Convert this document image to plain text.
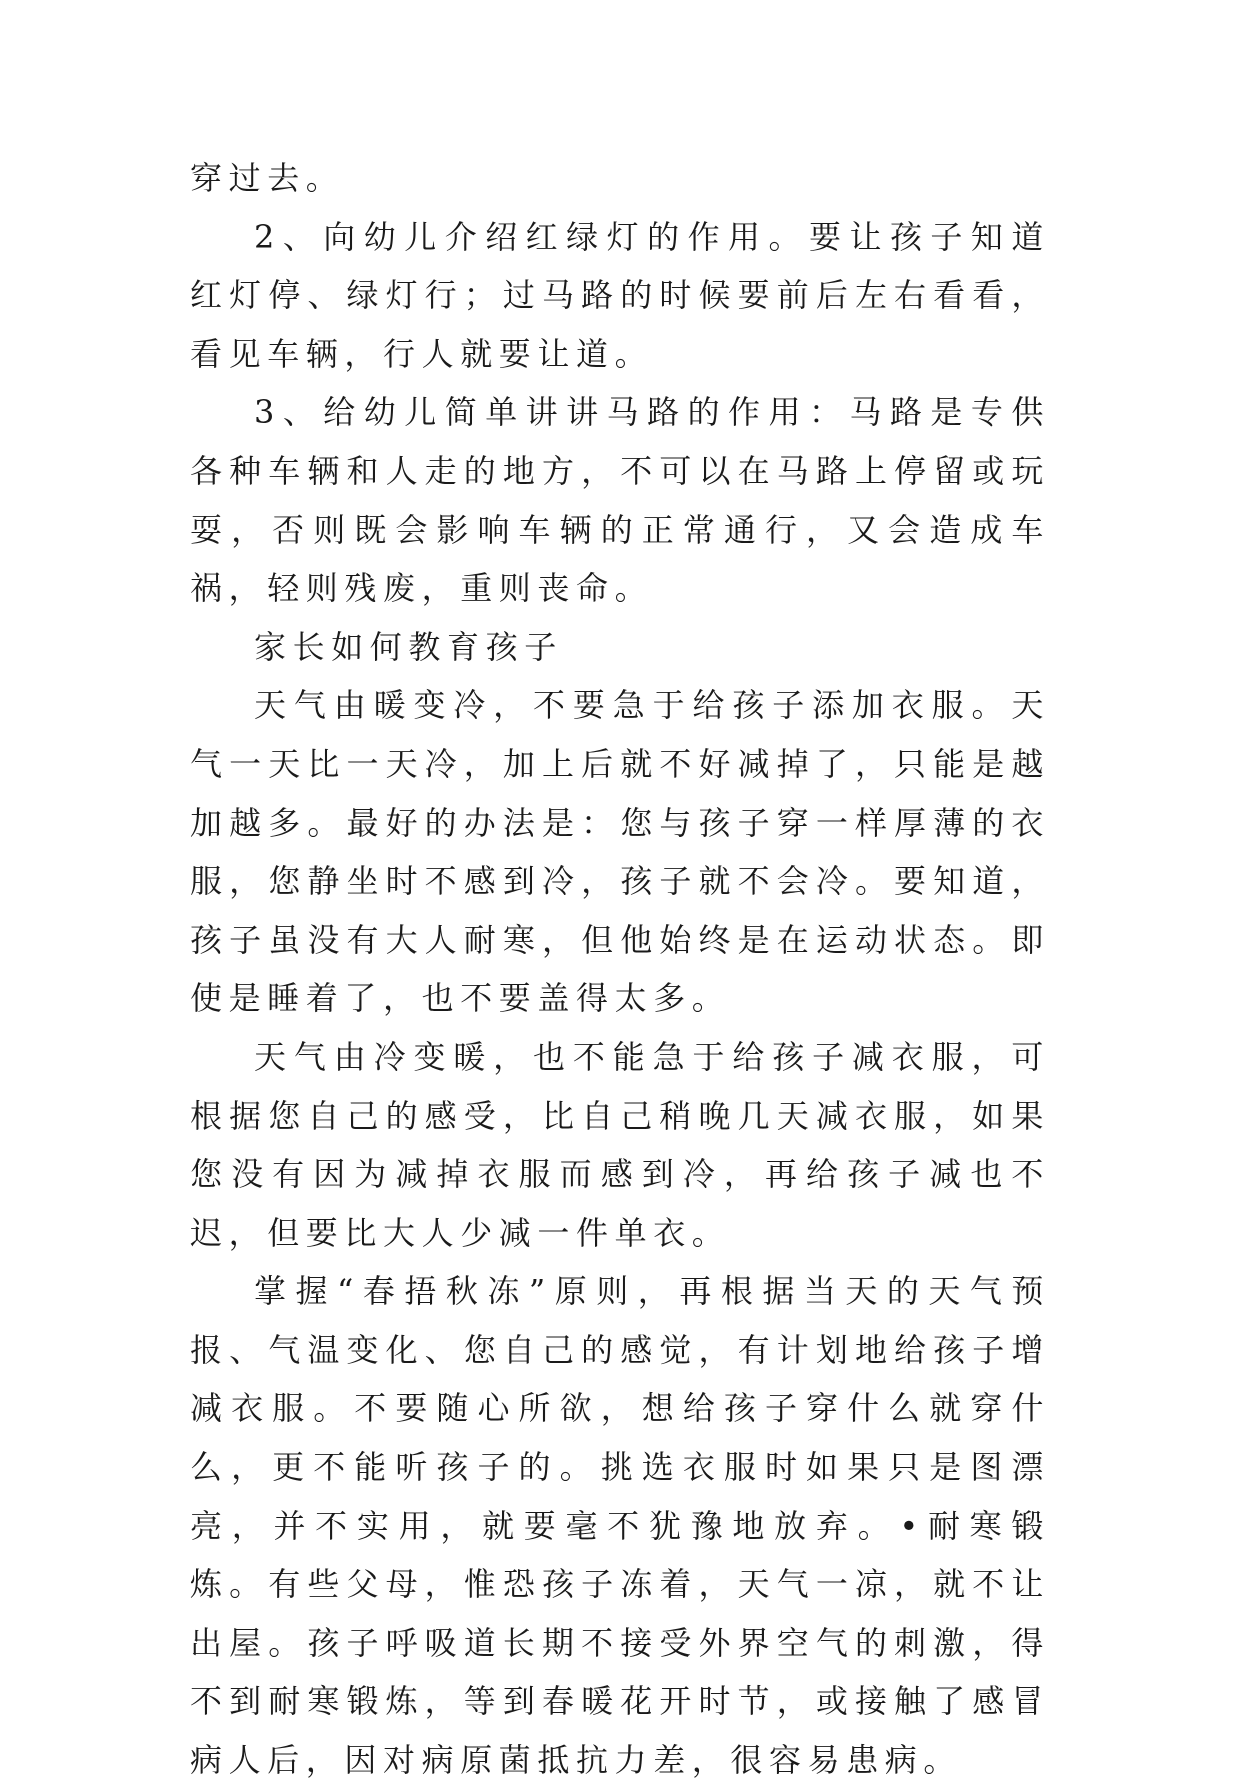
穿过去。

2、向幼儿介绍红绿灯的作用。要让孩子知道红灯停、绿灯行；过马路的时候要前后左右看看，看见车辆，行人就要让道。

3、给幼儿简单讲讲马路的作用：马路是专供各种车辆和人走的地方，不可以在马路上停留或玩耍，否则既会影响车辆的正常通行，又会造成车祸，轻则残废，重则丧命。

家长如何教育孩子

天气由暖变冷，不要急于给孩子添加衣服。天气一天比一天冷，加上后就不好减掉了，只能是越加越多。最好的办法是：您与孩子穿一样厚薄的衣服，您静坐时不感到冷，孩子就不会冷。要知道，孩子虽没有大人耐寒，但他始终是在运动状态。即使是睡着了，也不要盖得太多。

天气由冷变暖，也不能急于给孩子减衣服，可根据您自己的感受，比自己稍晚几天减衣服，如果您没有因为减掉衣服而感到冷，再给孩子减也不迟，但要比大人少减一件单衣。

掌握“春捂秋冻”原则，再根据当天的天气预报、气温变化、您自己的感觉，有计划地给孩子增减衣服。不要随心所欲，想给孩子穿什么就穿什么，更不能听孩子的。挑选衣服时如果只是图漂亮，并不实用，就要毫不犹豫地放弃。•耐寒锻炼。有些父母，惟恐孩子冻着，天气一凉，就不让出屋。孩子呼吸道长期不接受外界空气的刺激，得不到耐寒锻炼，等到春暖花开时节，或接触了感冒病人后，因对病原菌抵抗力差，很容易患病。
